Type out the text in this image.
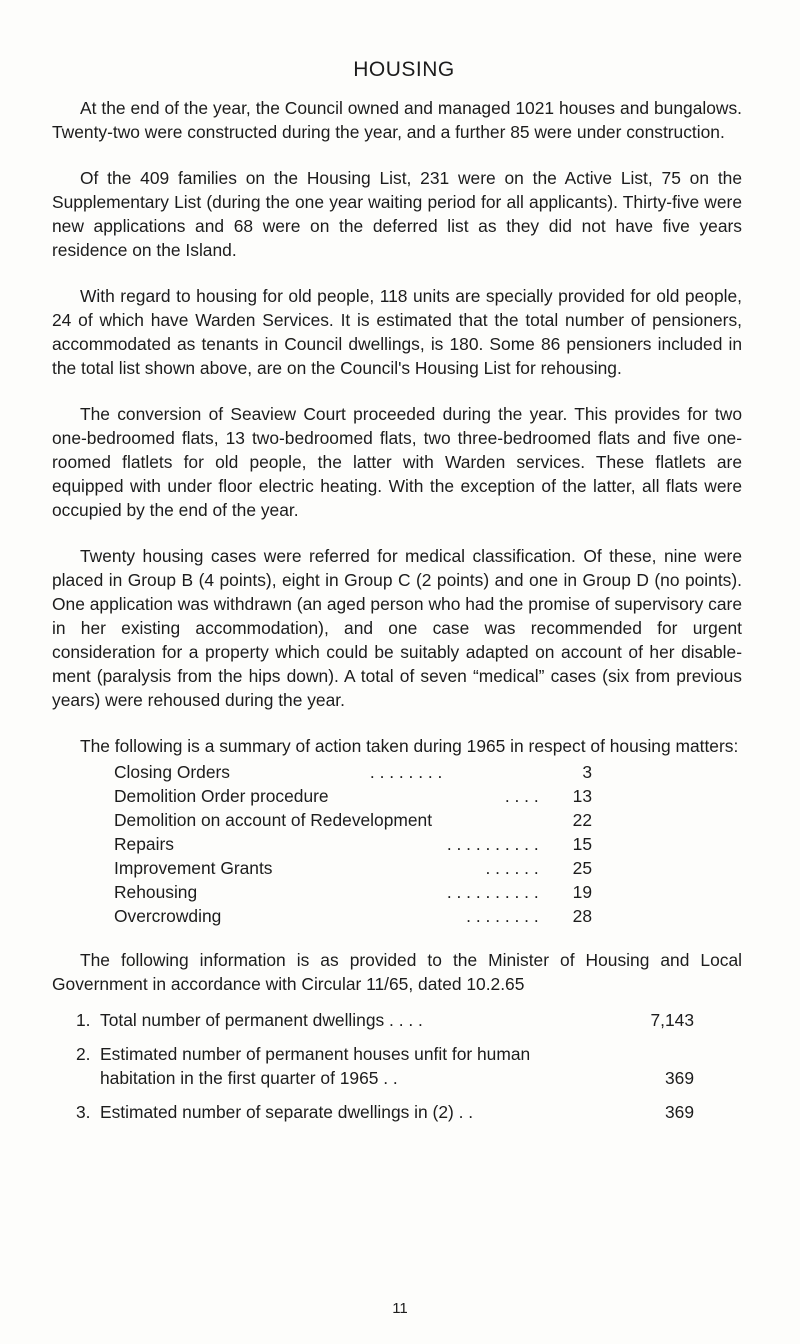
HOUSING

At the end of the year, the Council owned and managed 1021 houses and bungalows. Twenty-two were constructed during the year, and a further 85 were under construction.

Of the 409 families on the Housing List, 231 were on the Active List, 75 on the Supplementary List (during the one year waiting period for all applicants). Thirty-five were new applications and 68 were on the deferred list as they did not have five years residence on the Island.

With regard to housing for old people, 118 units are specially provided for old people, 24 of which have Warden Services. It is estimated that the total number of pensioners, accommodated as tenants in Council dwellings, is 180. Some 86 pensioners included in the total list shown above, are on the Council's Housing List for rehousing.

The conversion of Seaview Court proceeded during the year. This provides for two one-bedroomed flats, 13 two-bedroomed flats, two three-bedroomed flats and five one-roomed flatlets for old people, the latter with Warden services. These flatlets are equipped with under floor electric heating. With the exception of the latter, all flats were occupied by the end of the year.

Twenty housing cases were referred for medical classification. Of these, nine were placed in Group B (4 points), eight in Group C (2 points) and one in Group D (no points). One application was withdrawn (an aged person who had the promise of supervisory care in her existing accommodation), and one case was recommended for urgent consideration for a property which could be suitably adapted on account of her disable-ment (paralysis from the hips down). A total of seven “medical” cases (six from previous years) were rehoused during the year.

The following is a summary of action taken during 1965 in respect of housing matters:

Closing Orders	. . . . . . . .	3
Demolition Order procedure	. . . .	13
Demolition on account of Redevelopment	22
Repairs	. . . . . . . . . .	15
Improvement Grants	. . . . . .	25
Rehousing	. . . . . . . . . .	19
Overcrowding	. . . . . . . .	28

The following information is as provided to the Minister of Housing and Local Government in accordance with Circular 11/65, dated 10.2.65

1. Total number of permanent dwellings . . . .	7,143
2. Estimated number of permanent houses unfit for human habitation in the first quarter of 1965 . .	369
3. Estimated number of separate dwellings in (2) . .	369
11
